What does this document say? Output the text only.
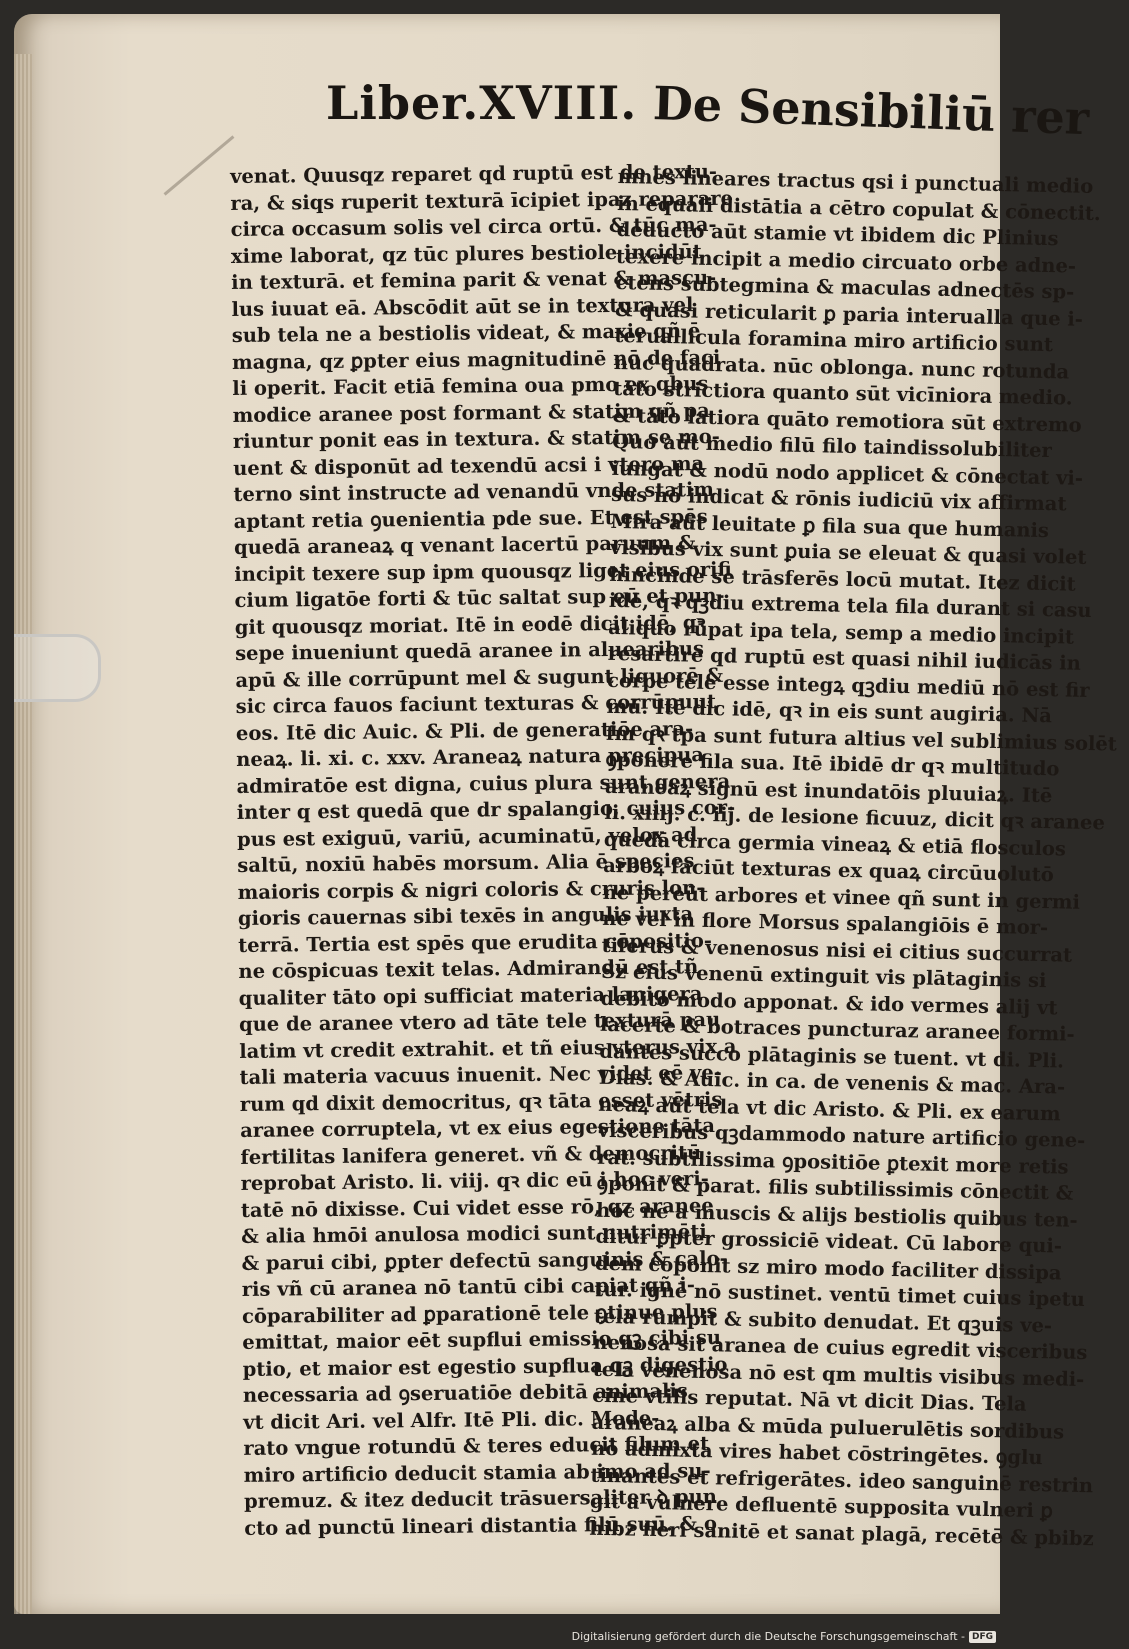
Liber.XVIII. De Sensibiliū rer
venat. Quusqz reparet qd ruptū est de textu-
ra, & siqs ruperit texturā īcipiet ipaz reparare
circa occasum solis vel circa ortū. & tūc ma-
xime laborat, qz tūc plures bestiole incidūt
in texturā. et femina parit & venat & mascu-
lus iuuat eā. Abscōdit aūt se in textura vel
sub tela ne a bestiolis videat, & maxie qñ ē
magna, qz ꝑpter eius magnitudinē nō de faci
li operit. Facit etiā femina oua pmo ex qbus
modice aranee post formant & statim qñ pa
riuntur ponit eas in textura. & statim se mo-
uent & disponūt ad texendū acsi i vtero ma
terno sint instructe ad venandū vnde statim
aptant retia ꝯuenientia pde sue. Et est spēs
quedā araneaꝝ q venant lacertū paruum &
incipit texere sup ipm quousqz liget eius orifi
cium ligatōe forti & tūc saltat sup eū et pun-
git quousqz moriat. Itē in eodē dicit idē, qꝛ
sepe inueniunt quedā aranee in aluearibus
apū & ille corrūpunt mel & sugunt liquorē &
sic circa fauos faciunt texturas & corrūpuut
eos. Itē dic Auic. & Pli. de generatiōe ara-
neaꝝ. li. xi. c. xxv. Araneaꝝ natura precipua
admiratōe est digna, cuius plura sunt genera
inter q est quedā que dr spalangio, cuius cor-
pus est exiguū, variū, acuminatū, velox ad
saltū, noxiū habēs morsum. Alia ē species
maioris corpis & nigri coloris & cruris lon-
gioris cauernas sibi texēs in angulis iuxta
terrā. Tertia est spēs que erudita cōpositio-
ne cōspicuas texit telas. Admirandū est tñ
qualiter tāto opi sufficiat materia lanigera
que de aranee vtero ad tāte tele texturā pau
latim vt credit extrahit. et tñ eius vterus vix a
tali materia vacuus inuenit. Nec videt eē ve-
rum qd dixit democritus, qꝛ tāta esset vētris
aranee corruptela, vt ex eius egestione tāta
fertilitas lanifera generet. vñ & democritū
reprobat Aristo. li. viij. qꝛ dic eū i hoc veri-
tatē nō dixisse. Cui videt esse rō, qz aranee
& alia hmōi anulosa modici sunt nutrimēti
& parui cibi, ꝑpter defectū sanguinis & calo-
ris vñ cū aranea nō tantū cibi capiat qñ i-
cōparabiliter ad ꝑparationē tele ꝯtinue plus
emittat, maior eēt supflui emissio qꝫ cibi su
ptio, et maior est egestio supflua qꝫ digestio
necessaria ad ꝯseruatiōe debitā animalis
vt dicit Ari. vel Alfr. Itē Pli. dic. Mode-
rato vngue rotundū & teres educit filum et
miro artificio deducit stamia ab imo ad su-
premuz. & itez deducit trāsuersaliter ꝺ pun
cto ad punctū lineari distantia filū suū. & o
mnes lineares tractus qsi i punctuali medio
in equali distātia a cētro copulat & cōnectit.
deducto aūt stamie vt ibidem dic Plinius
texere incipit a medio circuato orbe adne-
ctens subtegmina & maculas adnectēs sp-
& quasi reticularit ꝑ paria interualla que i-
teruallicula foramina miro artificio sunt
nūc quadrata. nūc oblonga. nunc rotunda
tāto strictiora quanto sūt vicīniora medio.
& tāto latiora quāto remotiora sūt extremo
Quo aūt medio filū filo taindissolubiliter
iungat & nodū nodo applicet & cōnectat vi-
sus nō indicat & rōnis iudiciū vix affirmat
Mira aūt leuitate ꝑ fila sua que humanis
visibus vix sunt ꝑuia se eleuat & quasi volet
hincinde se trāsferēs locū mutat. Itez dicit
idē, qꝛ qꝫdiu extrema tela fila durant si casu
aliquo rūpat ipa tela, semp a medio incipit
resartire qd ruptū est quasi nihil iudicās in
corpe tele esse integꝝ qꝫdiu mediū nō est fir
mū. Itē dic idē, qꝛ in eis sunt augiria. Nā
fm qꝛ tpa sunt futura altius vel sublimius solēt
ꝯponere fila sua. Itē ibidē dr qꝛ multitudo
araneaꝝ signū est inundatōis pluuiaꝝ. Itē
li. xiiij. c. iij. de lesione ficuuz, dicit qꝛ aranee
quedā circa germia vineaꝝ & etiā flosculos
arboꝝ faciūt texturas ex quaꝝ circūuolutō
ne pereūt arbores et vinee qñ sunt in germi
ne vel in flore Morsus spalangiōis ē mor-
tiferus & venenosus nisi ei citius succurrat
Sz eius venenū extinguit vis plātaginis si
debito modo apponat. & ido vermes alij vt
lacerte & botraces puncturaz aranee formi-
dantes succo plātaginis se tuent. vt di. Pli.
Dias. & Auic. in ca. de venenis & mac. Ara-
neaꝝ aūt tela vt dic Aristo. & Pli. ex earum
visceribus qꝫdammodo nature artificio gene-
rat. subtilissima ꝯpositiōe ꝑtexit more retis
ꝯponit & parat. filis subtilissimis cōnectit &
hoc ne a muscis & alijs bestiolis quibus ten-
ditur ꝑpter grossiciē videat. Cū labore qui-
dem cōponit sz miro modo faciliter dissipa
tur. ignē nō sustinet. ventū timet cuius ipetu
tela rumpit & subito denudat. Et qꝫuis ve-
nenosa sit aranea de cuius egredit visceribus
tela venenosa nō est qm multis visibus medi-
cine vtilis reputat. Nā vt dicit Dias. Tela
araneaꝝ alba & mūda puluerulētis sordibus
nō admixta vires habet cōstringētes. ꝯglu
tinantes et refrigerātes. ideo sanguinē restrin
git a vulnere defluentē supposita vulneri ꝑ
hibz fieri sanitē et sanat plagā, recētē & pbibz
Digitalisierung gefördert durch die Deutsche Forschungsgemeinschaft - DFG
